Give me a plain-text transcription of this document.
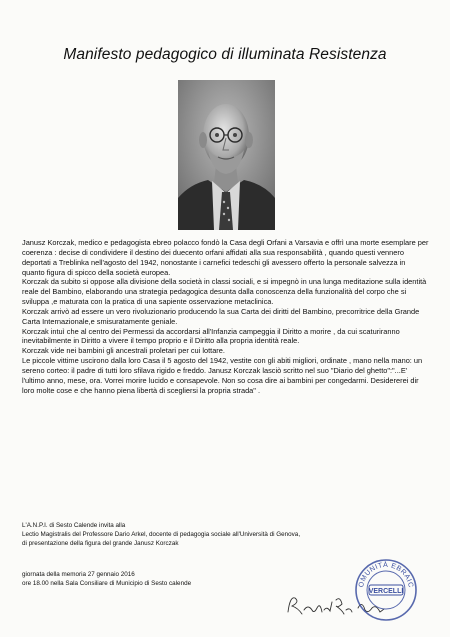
Manifesto pedagogico di illuminata Resistenza

Janusz Korczak, medico e pedagogista ebreo polacco fondò la Casa degli Orfani a Varsavia e offrì una morte esemplare per coerenza : decise di condividere il destino dei duecento orfani affidati alla sua responsabilità , quando questi vennero deportati a Treblinka nell'agosto del 1942, nonostante i carnefici tedeschi gli avessero offerto la personale salvezza in quanto figura di spicco della società europea.

Korczak da subito si oppose alla divisione della società in classi sociali, e si impegnò in una lunga meditazione sulla identità reale del Bambino, elaborando una strategia pedagogica desunta dalla conoscenza della funzionalità del corpo che si sviluppa ,e maturata con la pratica di una sapiente osservazione metaclinica.

Korczak arrivò ad essere un vero rivoluzionario producendo la sua Carta dei diritti del Bambino, precorritrice della Grande Carta Internazionale,e smisuratamente geniale.

Korczak intuì che al centro dei Permessi da accordarsi all'Infanzia campeggia il Diritto a morire , da cui scaturiranno inevitabilmente in Diritto a vivere il tempo proprio e il Diritto alla propria identità reale.

Korczak vide nei bambini gli ancestrali proletari per cui lottare.

Le piccole vittime uscirono dalla loro Casa il 5 agosto del 1942, vestite con gli abiti migliori, ordinate , mano nella mano: un sereno corteo: il padre di tutti loro sfilava rigido e freddo. Janusz Korczak lasciò scritto nel suo "Diario del ghetto":"...E' l'ultimo anno, mese, ora. Vorrei morire lucido e consapevole. Non so cosa dire ai bambini per congedarmi. Desidererei dir loro molte cose e che hanno piena libertà di scegliersi la propria strada" .

L'A.N.P.I. di Sesto Calende invita alla

Lectio Magistralis del Professore Dario Arkel, docente di pedagogia sociale all'Università di Genova,

di presentazione della figura del grande Janusz Korczak

giornata della memoria 27 gennaio 2016

ore 18.00 nella Sala Consiliare di Municipio di Sesto calende	OMUNITÀ EBRAIC
VERCELLI
